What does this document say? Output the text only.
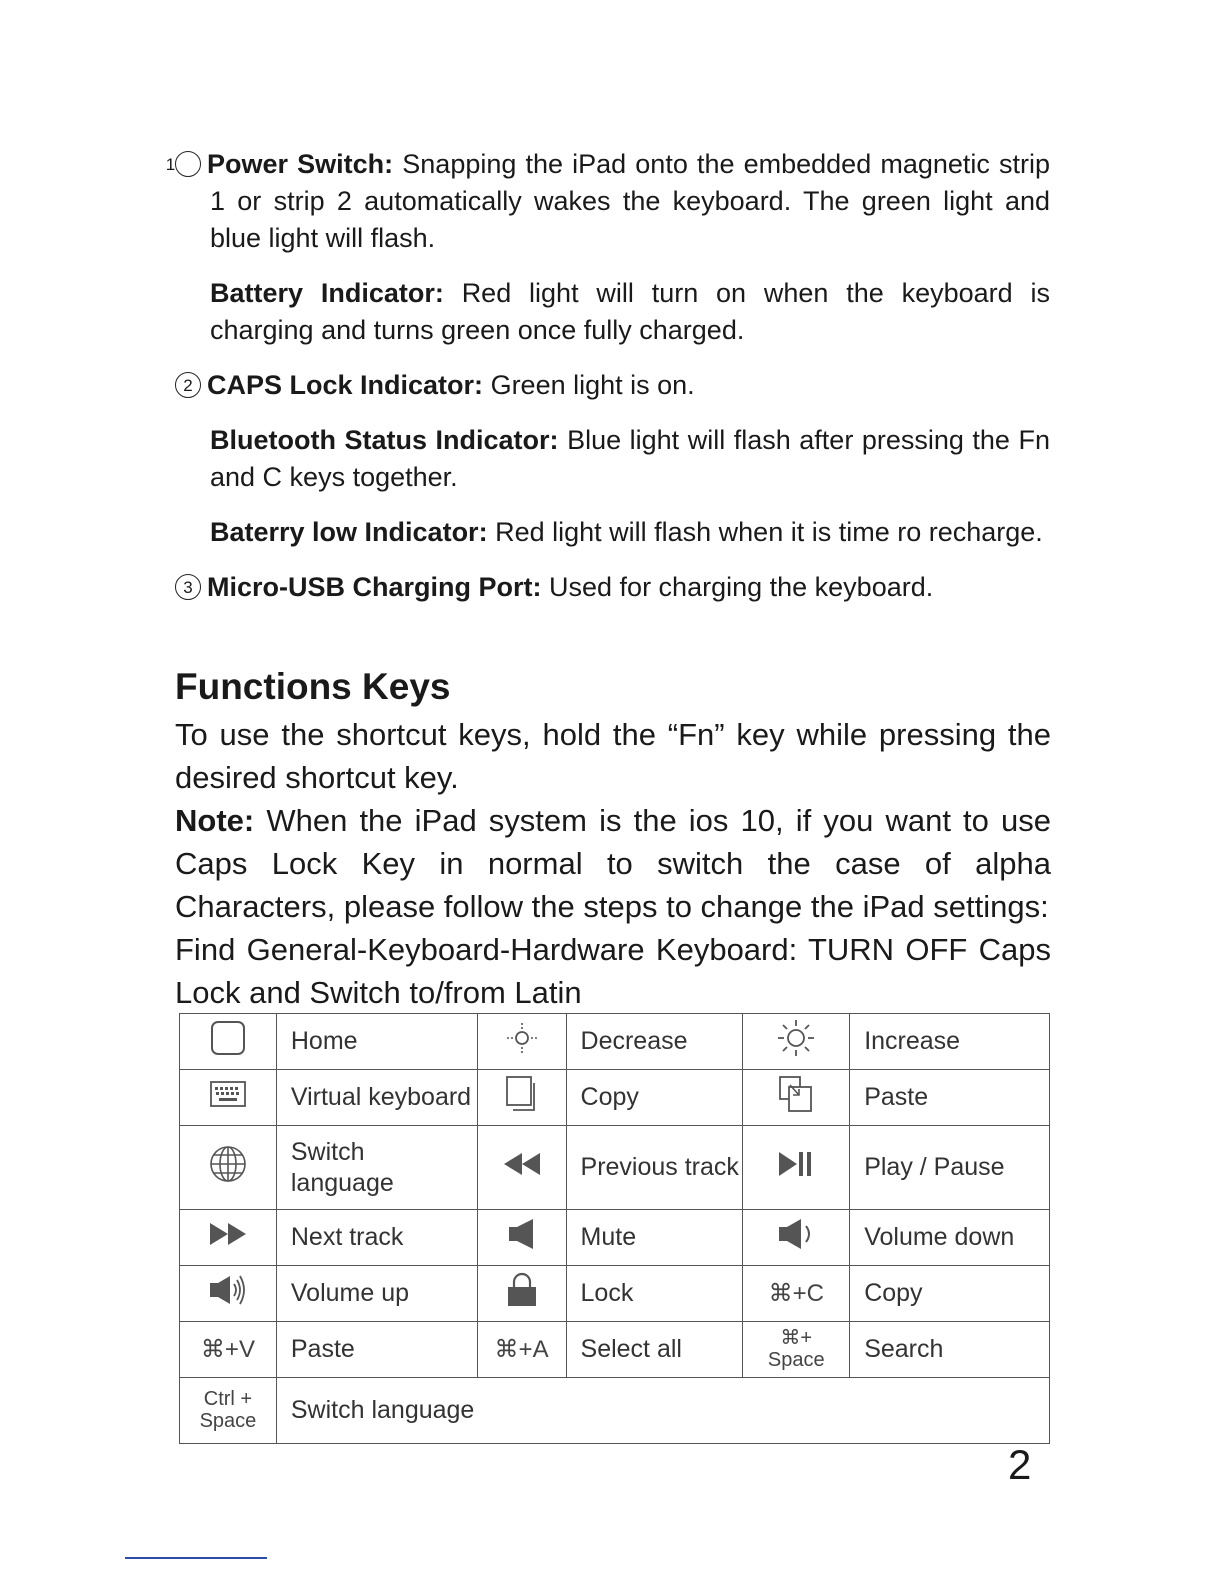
1 Power Switch: Snapping the iPad onto the embedded magnetic strip 1 or strip 2 automatically wakes the keyboard. The green light and blue light will flash.
Battery Indicator: Red light will turn on when the keyboard is charging and turns green once fully charged.
2 CAPS Lock Indicator: Green light is on.
Bluetooth Status Indicator: Blue light will flash after pressing the Fn and C keys together.
Baterry low Indicator: Red light will flash when it is time ro recharge.
3 Micro-USB Charging Port: Used for charging the keyboard.
Functions Keys
To use the shortcut keys, hold the “Fn” key while pressing the desired shortcut key.
Note: When the iPad system is the ios 10, if you want to use Caps Lock Key in normal to switch the case of alpha Characters, please follow the steps to change the iPad settings:
Find General-Keyboard-Hardware Keyboard: TURN OFF Caps Lock and Switch to/from Latin
	Home		Decrease		Increase
	Virtual keyboard		Copy		Paste
	Switch
language		Previous track		Play / Pause
	Next track		Mute		Volume down
	Volume up		Lock	⌘+C	Copy
⌘+V	Paste	⌘+A	Select all	⌘+
Space	Search
Ctrl +
Space	Switch language				
2
